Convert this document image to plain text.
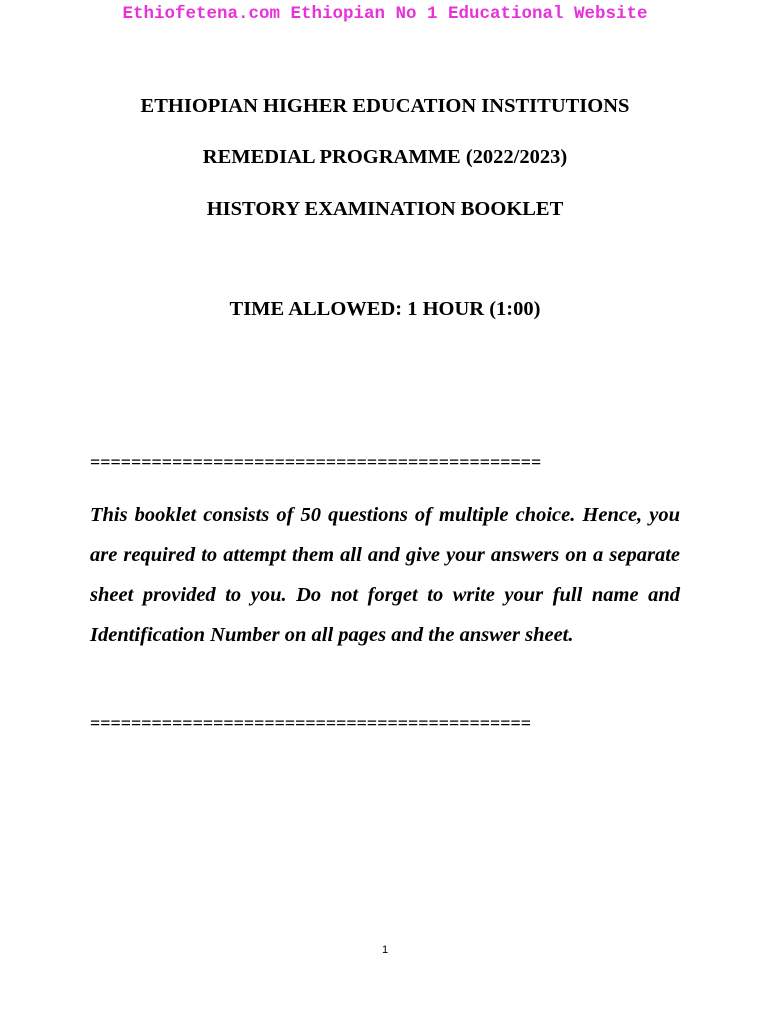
Ethiofetena.com Ethiopian No 1 Educational Website
ETHIOPIAN HIGHER EDUCATION INSTITUTIONS
REMEDIAL PROGRAMME (2022/2023)
HISTORY EXAMINATION BOOKLET
TIME ALLOWED: 1 HOUR (1:00)
============================================
This booklet consists of 50 questions of multiple choice. Hence, you are required to attempt them all and give your answers on a separate sheet provided to you. Do not forget to write your full name and Identification Number on all pages and the answer sheet.
===========================================
1
